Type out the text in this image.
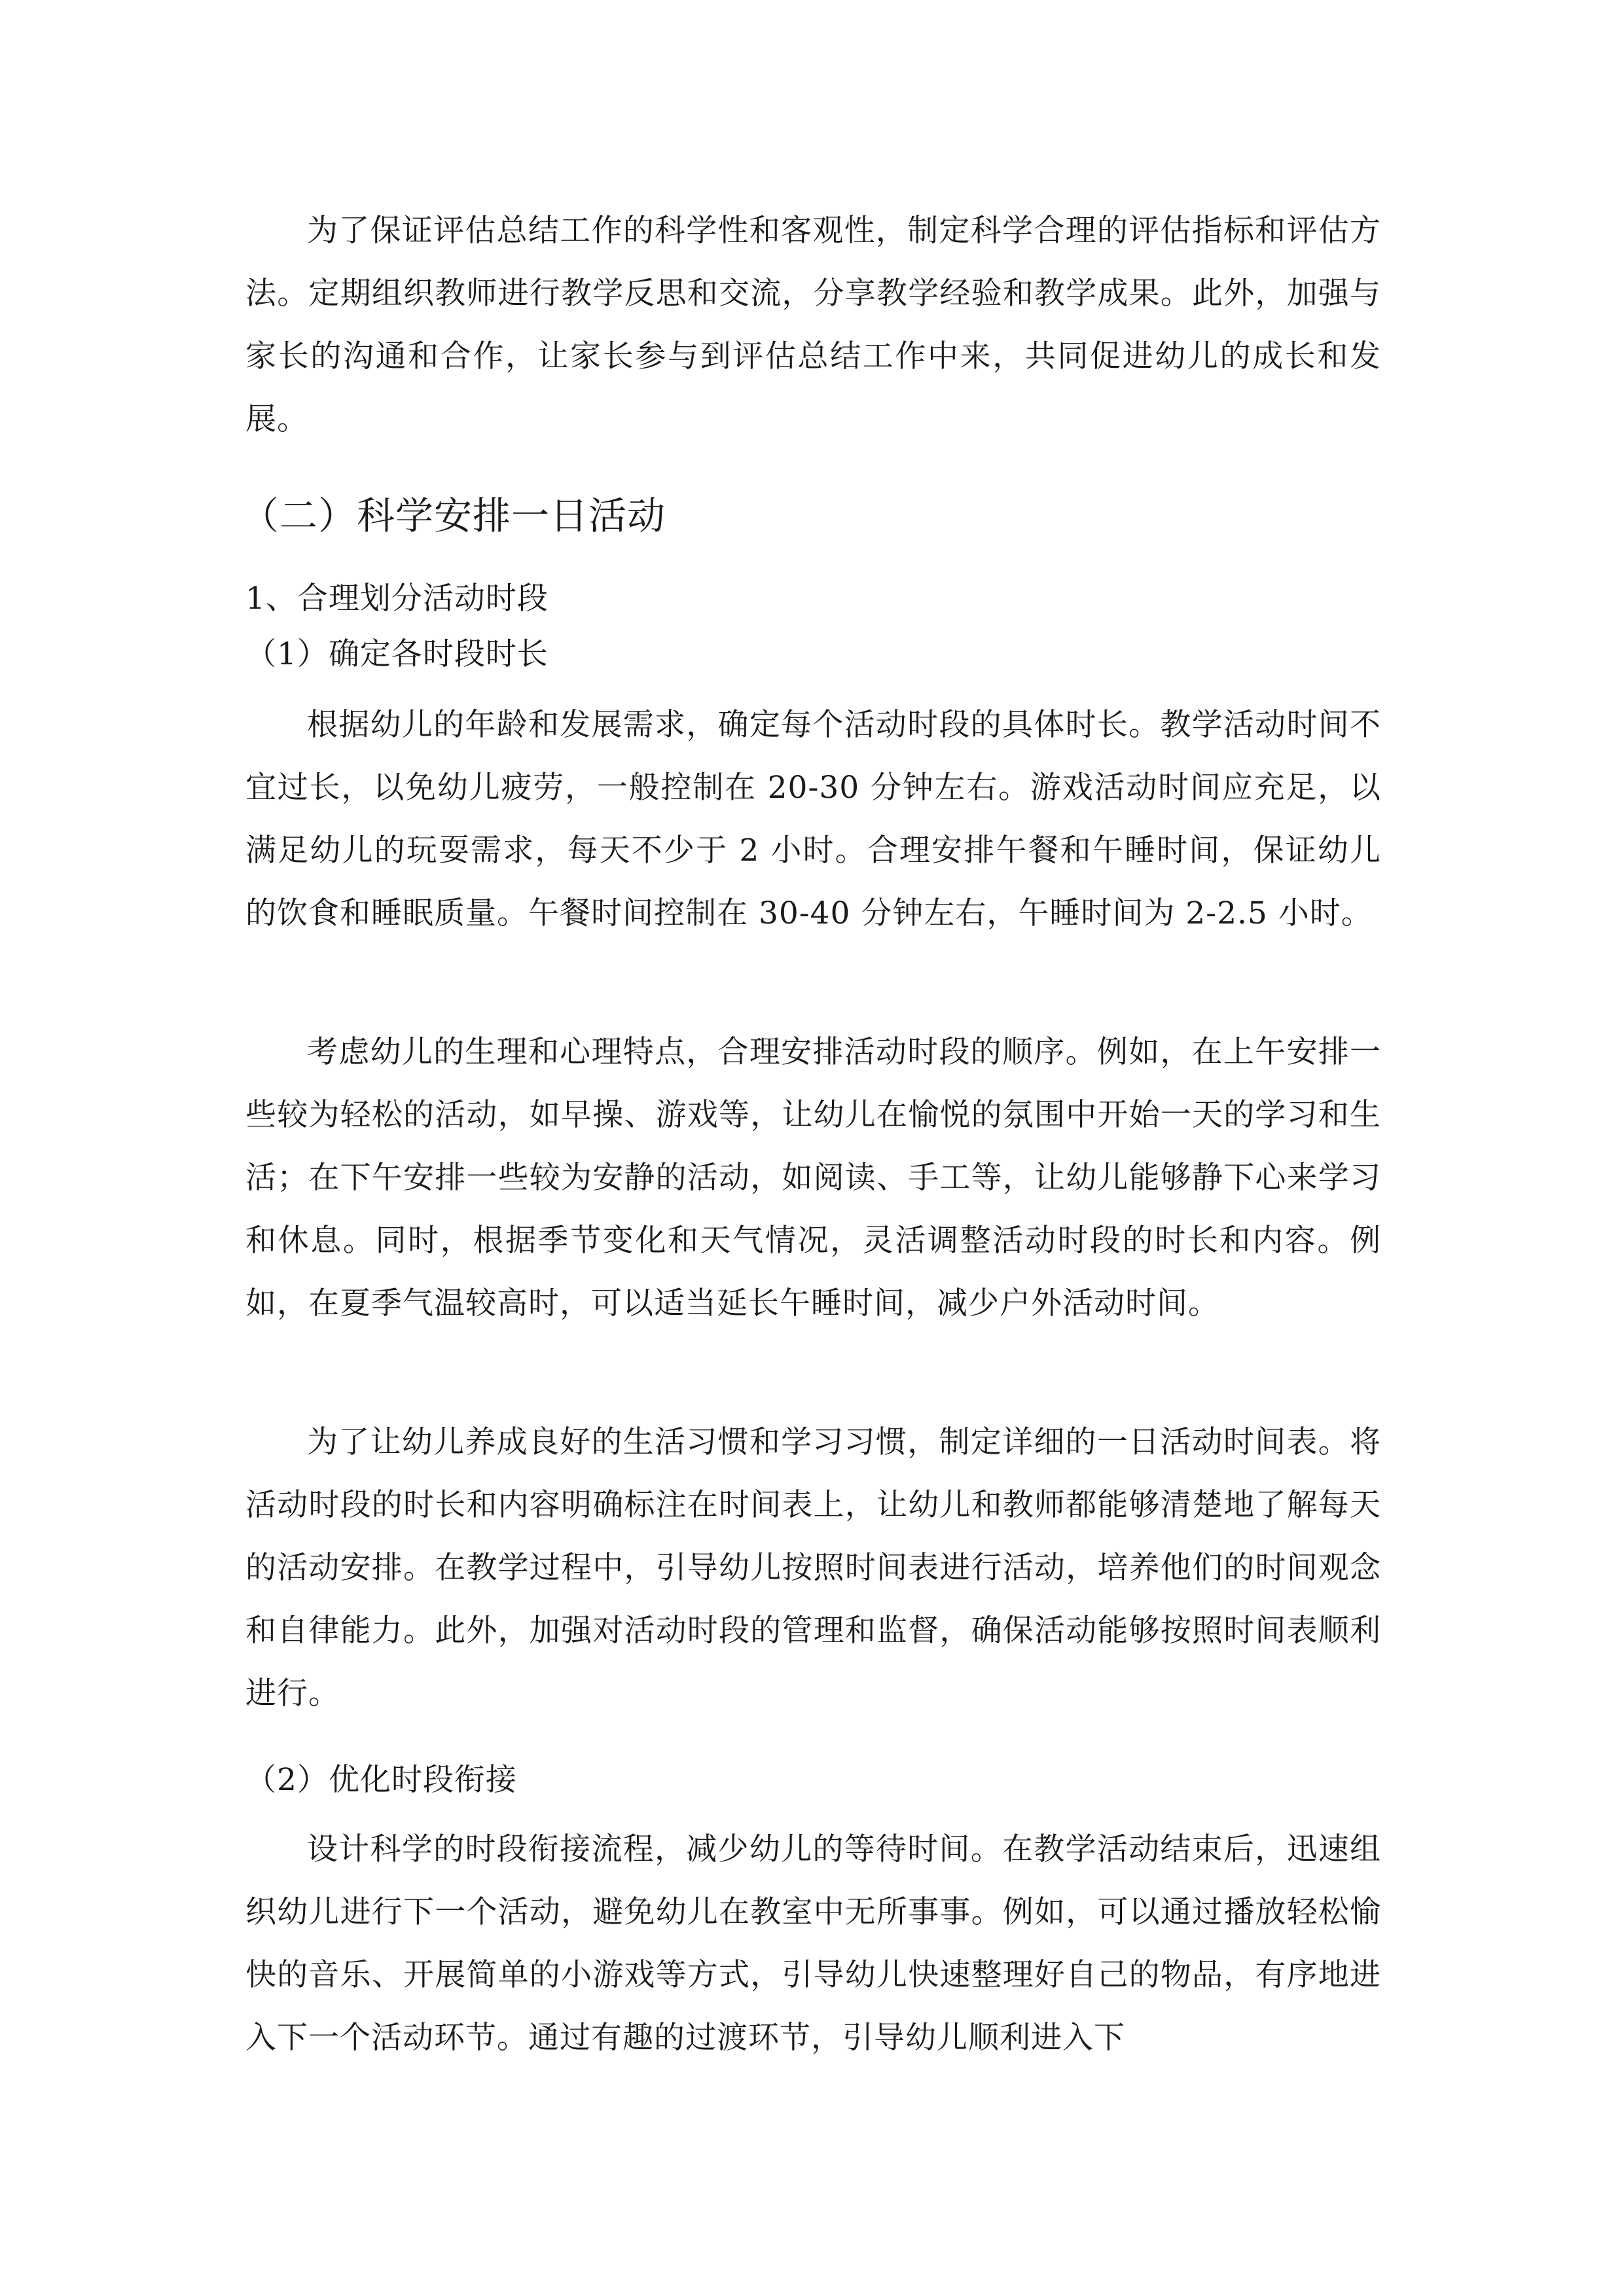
为了保证评估总结工作的科学性和客观性，制定科学合理的评估指标和评估方法。定期组织教师进行教学反思和交流，分享教学经验和教学成果。此外，加强与家长的沟通和合作，让家长参与到评估总结工作中来，共同促进幼儿的成长和发展。

（二）科学安排一日活动
1、合理划分活动时段
（1）确定各时段时长

根据幼儿的年龄和发展需求，确定每个活动时段的具体时长。教学活动时间不宜过长，以免幼儿疲劳，一般控制在 20-30 分钟左右。游戏活动时间应充足，以满足幼儿的玩耍需求，每天不少于 2 小时。合理安排午餐和午睡时间，保证幼儿的饮食和睡眠质量。午餐时间控制在 30-40 分钟左右，午睡时间为 2-2.5 小时。

考虑幼儿的生理和心理特点，合理安排活动时段的顺序。例如，在上午安排一些较为轻松的活动，如早操、游戏等，让幼儿在愉悦的氛围中开始一天的学习和生活；在下午安排一些较为安静的活动，如阅读、手工等，让幼儿能够静下心来学习和休息。同时，根据季节变化和天气情况，灵活调整活动时段的时长和内容。例如，在夏季气温较高时，可以适当延长午睡时间，减少户外活动时间。

为了让幼儿养成良好的生活习惯和学习习惯，制定详细的一日活动时间表。将活动时段的时长和内容明确标注在时间表上，让幼儿和教师都能够清楚地了解每天的活动安排。在教学过程中，引导幼儿按照时间表进行活动，培养他们的时间观念和自律能力。此外，加强对活动时段的管理和监督，确保活动能够按照时间表顺利进行。

（2）优化时段衔接

设计科学的时段衔接流程，减少幼儿的等待时间。在教学活动结束后，迅速组织幼儿进行下一个活动，避免幼儿在教室中无所事事。例如，可以通过播放轻松愉快的音乐、开展简单的小游戏等方式，引导幼儿快速整理好自己的物品，有序地进入下一个活动环节。通过有趣的过渡环节，引导幼儿顺利进入下
